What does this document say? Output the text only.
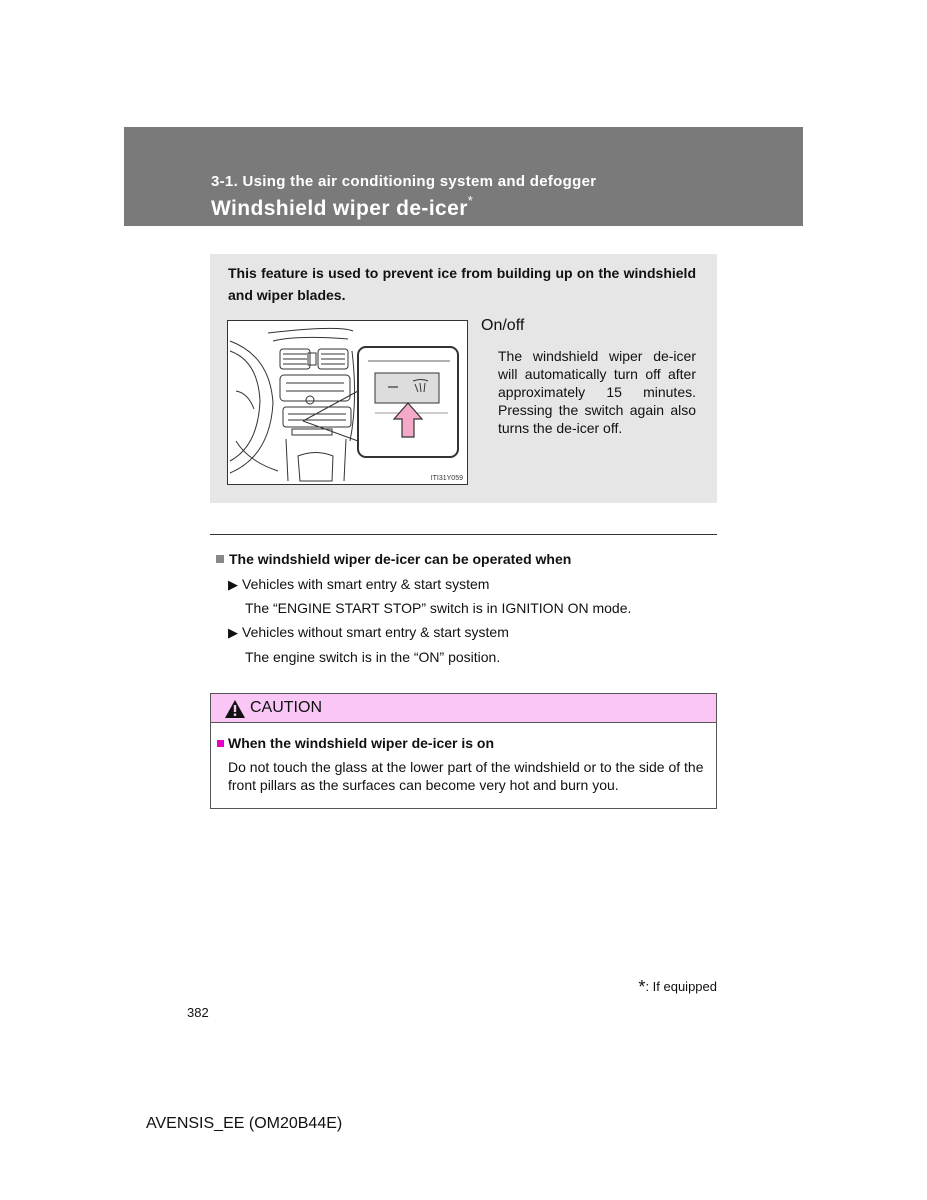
3-1. Using the air conditioning system and defogger
Windshield wiper de-icer*
This feature is used to prevent ice from building up on the windshield and wiper blades.
ITI31Y059
On/off
The windshield wiper de-icer will automatically turn off after approximately 15 minutes. Pressing the switch again also turns the de-icer off.
The windshield wiper de-icer can be operated when
▶ Vehicles with smart entry & start system
The “ENGINE START STOP” switch is in IGNITION ON mode.
▶ Vehicles without smart entry & start system
The engine switch is in the “ON” position.
CAUTION
When the windshield wiper de-icer is on
Do not touch the glass at the lower part of the windshield or to the side of the front pillars as the surfaces can become very hot and burn you.
*: If equipped
382
AVENSIS_EE (OM20B44E)
